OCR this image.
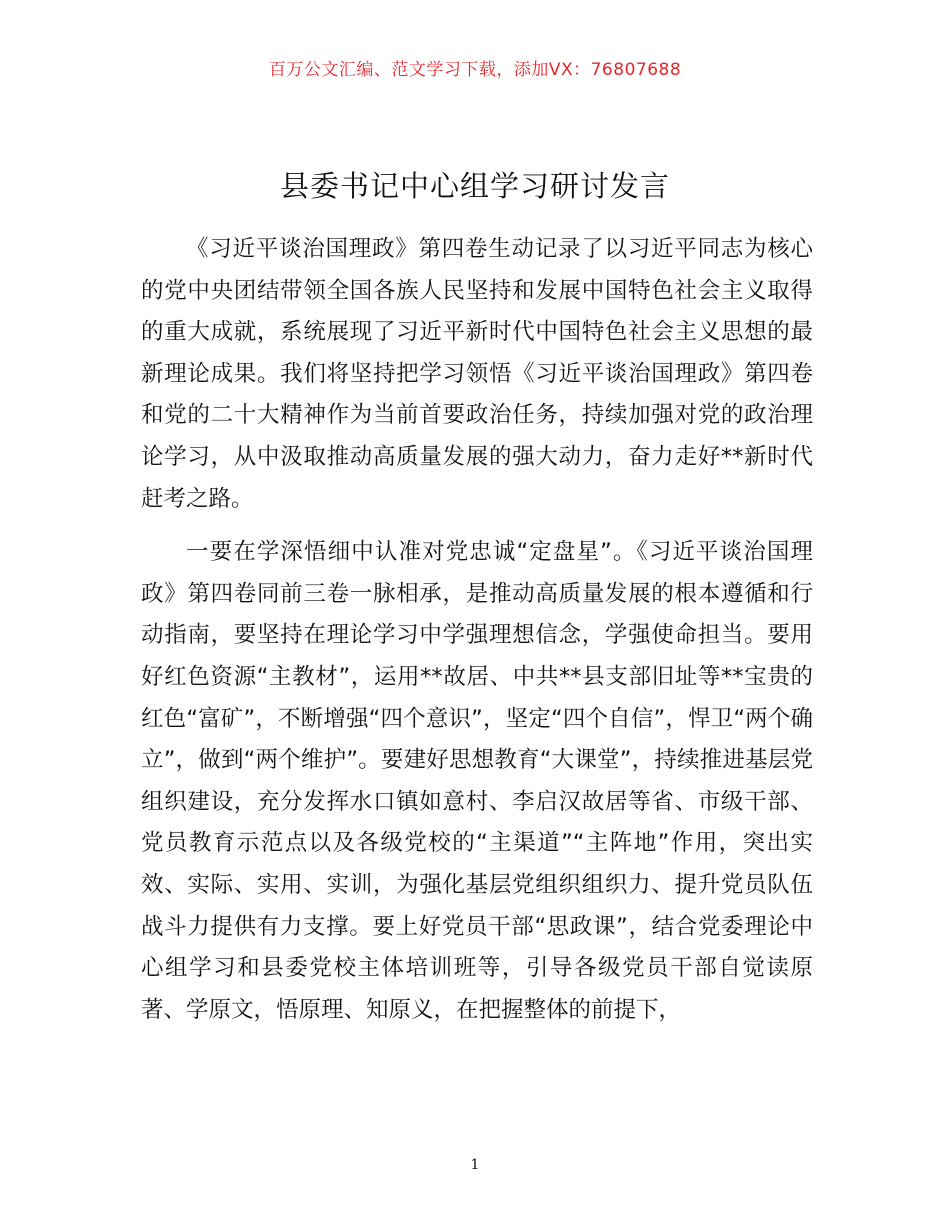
百万公文汇编、范文学习下载，添加VX：76807688
县委书记中心组学习研讨发言

《习近平谈治国理政》第四卷生动记录了以习近平同志为核心的党中央团结带领全国各族人民坚持和发展中国特色社会主义取得的重大成就，系统展现了习近平新时代中国特色社会主义思想的最新理论成果。我们将坚持把学习领悟《习近平谈治国理政》第四卷和党的二十大精神作为当前首要政治任务，持续加强对党的政治理论学习，从中汲取推动高质量发展的强大动力，奋力走好**新时代赶考之路。

一要在学深悟细中认准对党忠诚“定盘星”。《习近平谈治国理政》第四卷同前三卷一脉相承，是推动高质量发展的根本遵循和行动指南，要坚持在理论学习中学强理想信念，学强使命担当。要用好红色资源“主教材”，运用**故居、中共**县支部旧址等**宝贵的红色“富矿”，不断增强“四个意识”，坚定“四个自信”，悍卫“两个确立”，做到“两个维护”。要建好思想教育“大课堂”，持续推进基层党组织建设，充分发挥水口镇如意村、李启汉故居等省、市级干部、党员教育示范点以及各级党校的“主渠道”“主阵地”作用，突出实效、实际、实用、实训，为强化基层党组织组织力、提升党员队伍战斗力提供有力支撑。要上好党员干部“思政课”，结合党委理论中心组学习和县委党校主体培训班等，引导各级党员干部自觉读原著、学原文，悟原理、知原义，在把握整体的前提下，

1
